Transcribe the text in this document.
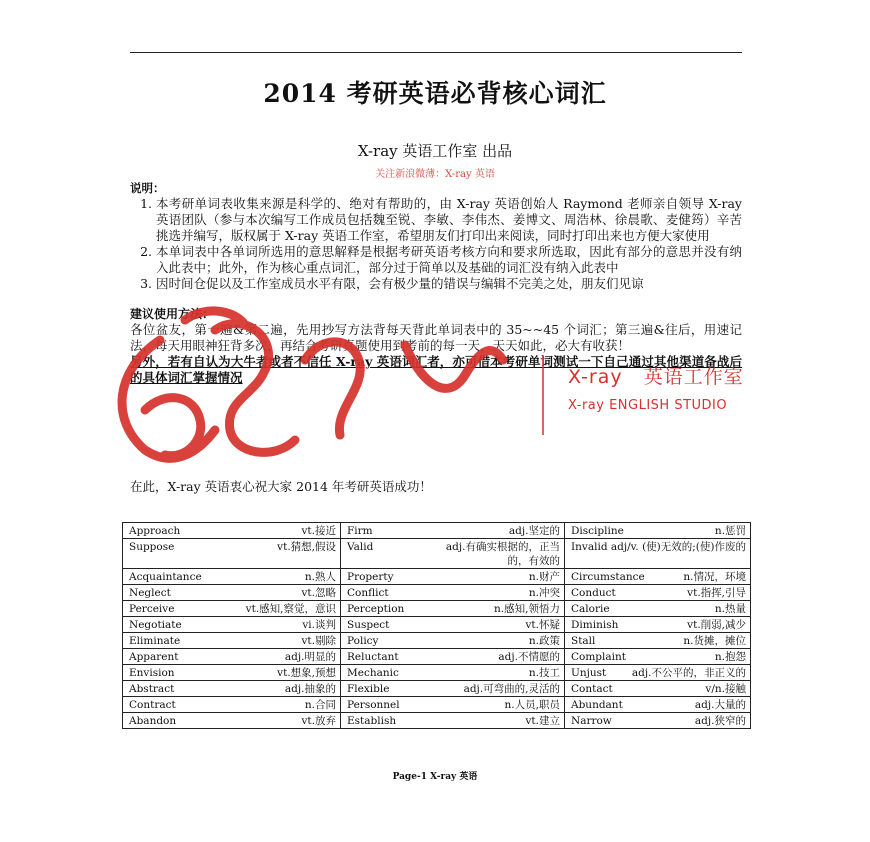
2014 考研英语必背核心词汇
X-ray 英语工作室 出品
关注新浪微薄：X-ray 英语
说明：
1. 本考研单词表收集来源是科学的、绝对有帮助的，由 X-ray 英语创始人 Raymond 老师亲自领导 X-ray 英语团队（参与本次编写工作成员包括魏至锐、李敏、李伟杰、姜博文、周浩林、徐晨歌、麦健筠）辛苦挑选并编写，版权属于 X-ray 英语工作室，希望朋友们打印出来阅读，同时打印出来也方便大家使用
2. 本单词表中各单词所选用的意思解释是根据考研英语考核方向和要求所选取，因此有部分的意思并没有纳入此表中；此外，作为核心重点词汇，部分过于简单以及基础的词汇没有纳入此表中
3. 因时间仓促以及工作室成员水平有限，会有极少量的错误与编辑不完美之处，朋友们见谅
建议使用方法：

各位盆友，第一遍&第二遍，先用抄写方法背每天背此单词表中的 35~~45 个词汇；第三遍&往后，用速记法，每天用眼神狂背多次，再结合考研真题使用到考前的每一天，天天如此，必大有收获！

另外，若有自认为大牛者或者不信任 X-ray 英语词汇者，亦可借本考研单词测试一下自己通过其他渠道备战后的具体词汇掌握情况	X-ray   英语工作室
X-ray ENGLISH STUDIO
在此，X-ray 英语衷心祝大家 2014 年考研英语成功！
Approach vt.接近	Firm adj.坚定的	Discipline n.惩罚

Suppose vt.猜想,假设	Valid adj.有确实根据的，正当的，有效的	Invalid adj/v. (使)无效的;(使)作废的

Acquaintance n.熟人	Property n.财产	Circumstance n.情况，环境

Neglect vt.忽略	Conflict n.冲突	Conduct vt.指挥,引导

Perceive vt.感知,察觉，意识	Perception n.感知,领悟力	Calorie n.热量

Negotiate vi.谈判	Suspect vt.怀疑	Diminish vt.削弱,减少

Eliminate vt.剔除	Policy n.政策	Stall n.货摊，摊位

Apparent adj.明显的	Reluctant adj.不情愿的	Complaint n.抱怨

Envision vt.想象,预想	Mechanic n.技工	Unjust adj.不公平的，非正义的

Abstract adj.抽象的	Flexible adj.可弯曲的,灵活的	Contact v/n.接触

Contract n.合同	Personnel n.人员,职员	Abundant adj.大量的

Abandon vt.放弃	Establish vt.建立	Narrow adj.狭窄的
Page-1 X-ray 英语
